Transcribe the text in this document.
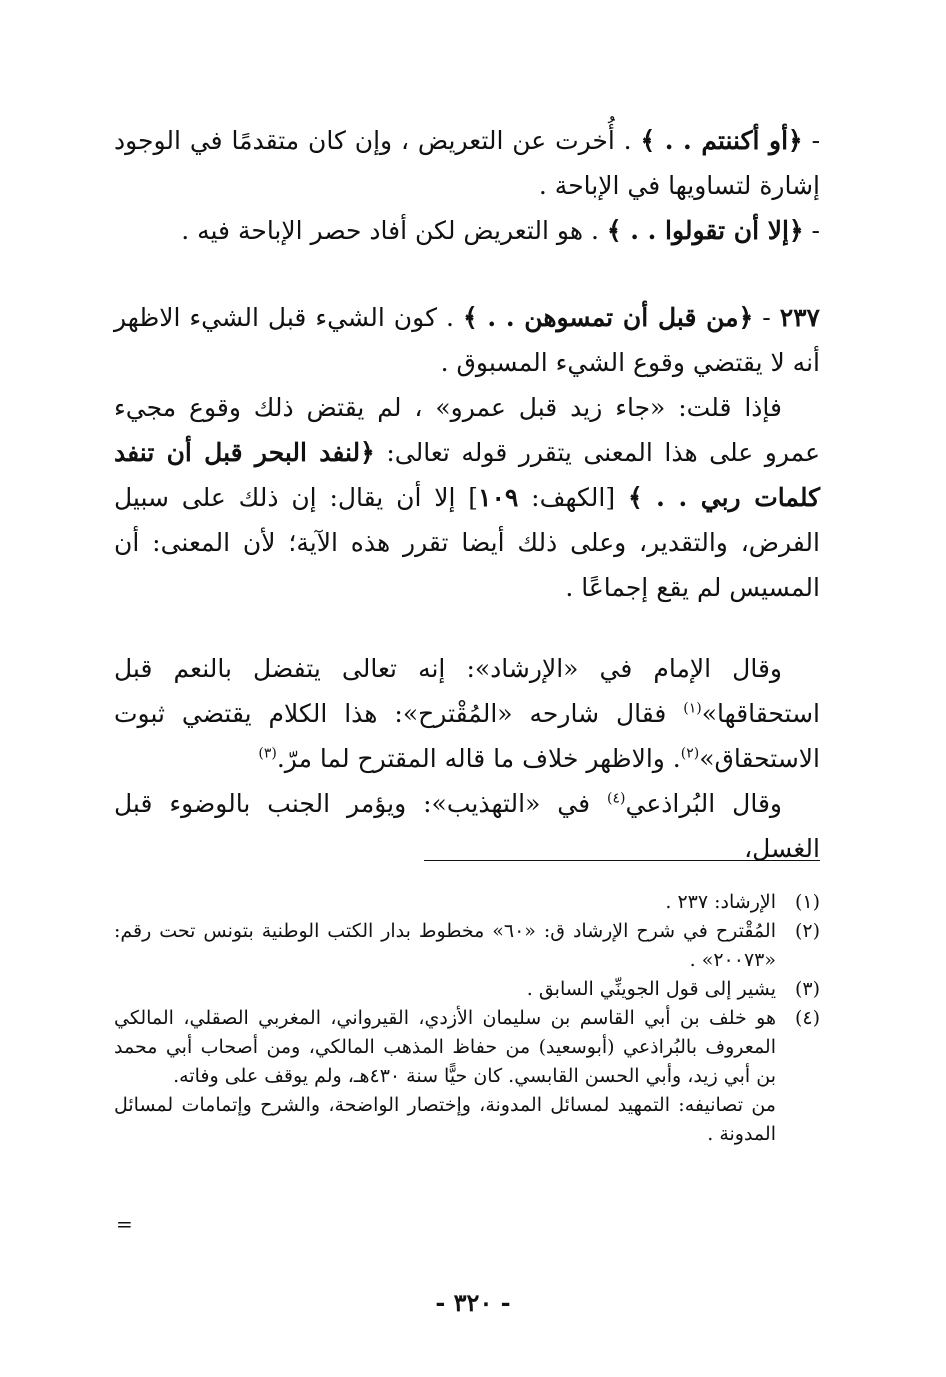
- ﴿أو أكننتم . . ﴾ . أُخرت عن التعريض ، وإن كان متقدمًا في الوجود إشارة لتساويها في الإباحة .

- ﴿إلا أن تقولوا . . ﴾ . هو التعريض لكن أفاد حصر الإباحة فيه .

٢٣٧ - ﴿من قبل أن تمسوهن . . ﴾ . كون الشيء قبل الشيء الاظهر أنه لا يقتضي وقوع الشيء المسبوق .

فإذا قلت: «جاء زيد قبل عمرو» ، لم يقتض ذلك وقوع مجيء عمرو على هذا المعنى يتقرر قوله تعالى: ﴿لنفد البحر قبل أن تنفد كلمات ربي . . ﴾ [الكهف: ١٠٩] إلا أن يقال: إن ذلك على سبيل الفرض، والتقدير، وعلى ذلك أيضا تقرر هذه الآية؛ لأن المعنى: أن المسيس لم يقع إجماعًا .

وقال الإمام في «الإرشاد»: إنه تعالى يتفضل بالنعم قبل استحقاقها»$^{(١)}$ فقال شارحه «المُقْترح»: هذا الكلام يقتضي ثبوت الاستحقاق»$^{(٢)}$. والاظهر خلاف ما قاله المقترح لما مرّ.$^{(٣)}$

وقال البُراذعي$^{(٤)}$ في «التهذيب»: ويؤمر الجنب بالوضوء قبل الغسل،

(١)
الإرشاد: ٢٣٧ .
(٢)
المُقْترح في شرح الإرشاد ق: «٦٠» مخطوط بدار الكتب الوطنية بتونس تحت رقم: «٢٠٠٧٣» .
(٣)
يشير إلى قول الجوينِّي السابق .
(٤)
هو خلف بن أبي القاسم بن سليمان الأزدي، القيرواني، المغربي الصقلي، المالكي المعروف بالبُراذعي (أبوسعيد) من حفاظ المذهب المالكي، ومن أصحاب أبي محمد بن أبي زيد، وأبي الحسن القابسي. كان حيًّا سنة ٤٣٠هـ، ولم يوقف على وفاته.

من تصانيفه: التمهيد لمسائل المدونة، وإختصار الواضحة، والشرح وإتمامات لمسائل المدونة .

=
- ٣٢٠ -
